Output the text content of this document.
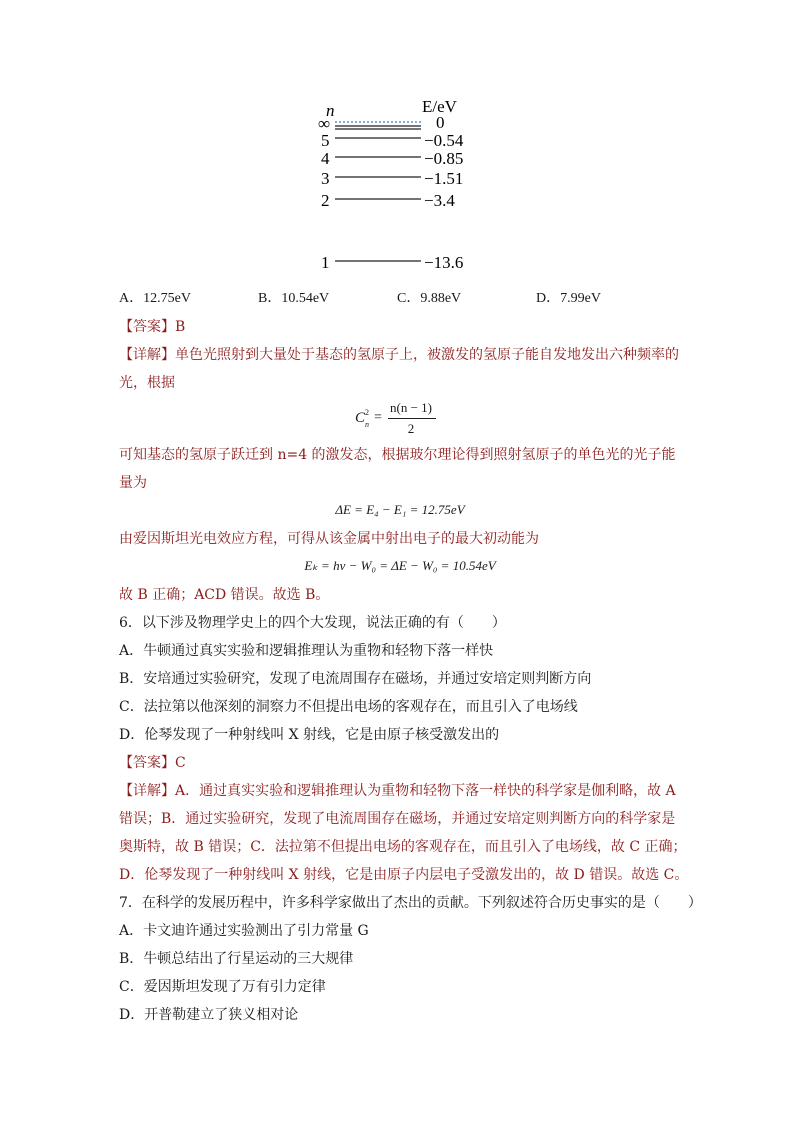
n	E/eV
∞	0
5	−0.54
4	−0.85
3	−1.51
2	−3.4
1	−13.6
A．12.75eV	B．10.54eV	C．9.88eV	D．7.99eV
【答案】B
【详解】单色光照射到大量处于基态的氢原子上，被激发的氢原子能自发地发出六种频率的
光，根据
C 2
n =
n(n − 1)
2
可知基态的氢原子跃迁到 n=4 的激发态，根据玻尔理论得到照射氢原子的单色光的光子能
量为
ΔE = E₄ − E₁ = 12.75eV
由爱因斯坦光电效应方程，可得从该金属中射出电子的最大初动能为
Eₖ = hν − W₀ = ΔE − W₀ = 10.54eV
故 B 正确；ACD 错误。故选 B。
6．以下涉及物理学史上的四个大发现，说法正确的有（　　）
A．牛顿通过真实实验和逻辑推理认为重物和轻物下落一样快
B．安培通过实验研究，发现了电流周围存在磁场，并通过安培定则判断方向
C．法拉第以他深刻的洞察力不但提出电场的客观存在，而且引入了电场线
D．伦琴发现了一种射线叫 X 射线，它是由原子核受激发出的
【答案】C
【详解】A．通过真实实验和逻辑推理认为重物和轻物下落一样快的科学家是伽利略，故 A
错误；B．通过实验研究，发现了电流周围存在磁场，并通过安培定则判断方向的科学家是
奥斯特，故 B 错误；C．法拉第不但提出电场的客观存在，而且引入了电场线，故 C 正确；
D．伦琴发现了一种射线叫 X 射线，它是由原子内层电子受激发出的，故 D 错误。故选 C。
7．在科学的发展历程中，许多科学家做出了杰出的贡献。下列叙述符合历史事实的是（　　）
A．卡文迪许通过实验测出了引力常量 G
B．牛顿总结出了行星运动的三大规律
C．爱因斯坦发现了万有引力定律
D．开普勒建立了狭义相对论
